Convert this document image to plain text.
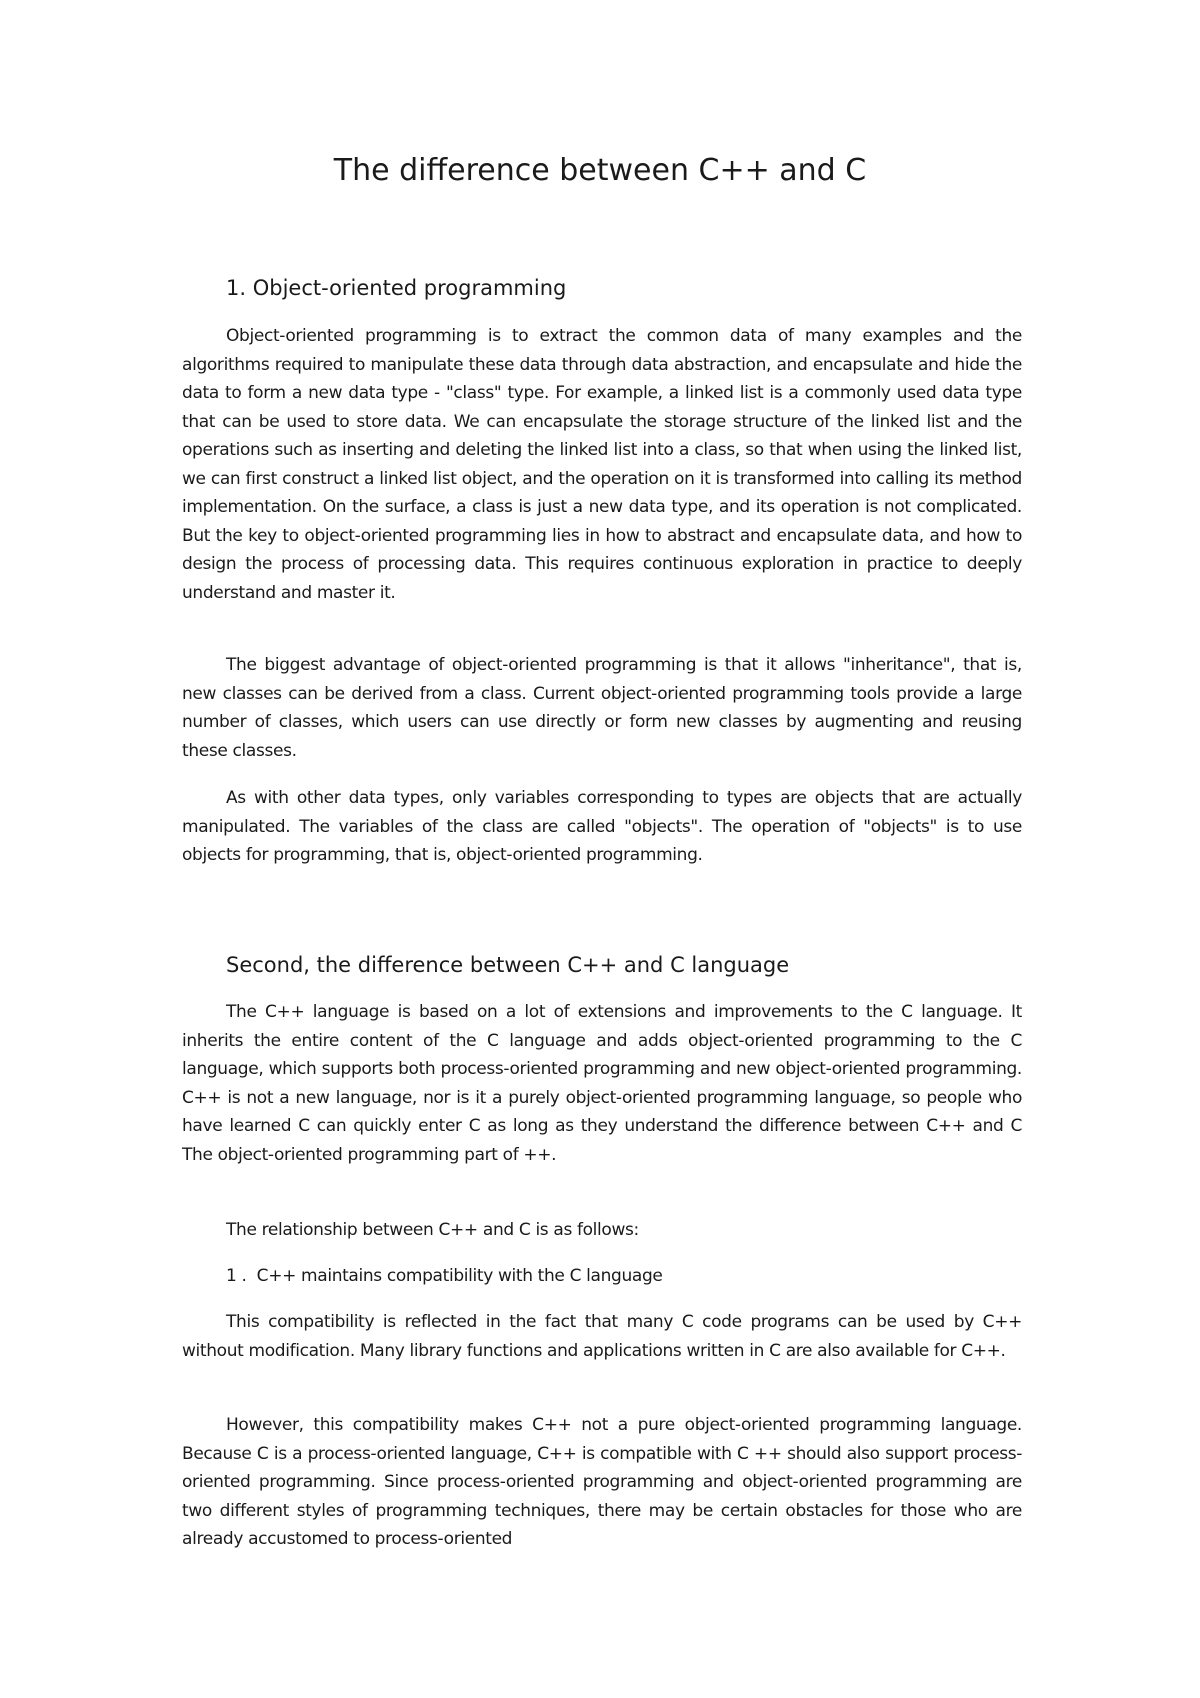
The difference between C++ and C
1. Object-oriented programming

Object-oriented programming is to extract the common data of many examples and the algorithms required to manipulate these data through data abstraction, and encapsulate and hide the data to form a new data type - "class" type. For example, a linked list is a commonly used data type that can be used to store data. We can encapsulate the storage structure of the linked list and the operations such as inserting and deleting the linked list into a class, so that when using the linked list, we can first construct a linked list object, and the operation on it is transformed into calling its method implementation. On the surface, a class is just a new data type, and its operation is not complicated. But the key to object-oriented programming lies in how to abstract and encapsulate data, and how to design the process of processing data. This requires continuous exploration in practice to deeply understand and master it.

The biggest advantage of object-oriented programming is that it allows "inheritance", that is, new classes can be derived from a class. Current object-oriented programming tools provide a large number of classes, which users can use directly or form new classes by augmenting and reusing these classes.

As with other data types, only variables corresponding to types are objects that are actually manipulated. The variables of the class are called "objects". The operation of "objects" is to use objects for programming, that is, object-oriented programming.

Second, the difference between C++ and C language

The C++ language is based on a lot of extensions and improvements to the C language. It inherits the entire content of the C language and adds object-oriented programming to the C language, which supports both process-oriented programming and new object-oriented programming. C++ is not a new language, nor is it a purely object-oriented programming language, so people who have learned C can quickly enter C as long as they understand the difference between C++ and C The object-oriented programming part of ++.

The relationship between C++ and C is as follows:

1 .  C++ maintains compatibility with the C language

This compatibility is reflected in the fact that many C code programs can be used by C++ without modification. Many library functions and applications written in C are also available for C++.

However, this compatibility makes C++ not a pure object-oriented programming language. Because C is a process-oriented language, C++ is compatible with C ++ should also support process-oriented programming. Since process-oriented programming and object-oriented programming are two different styles of programming techniques, there may be certain obstacles for those who are already accustomed to process-oriented
